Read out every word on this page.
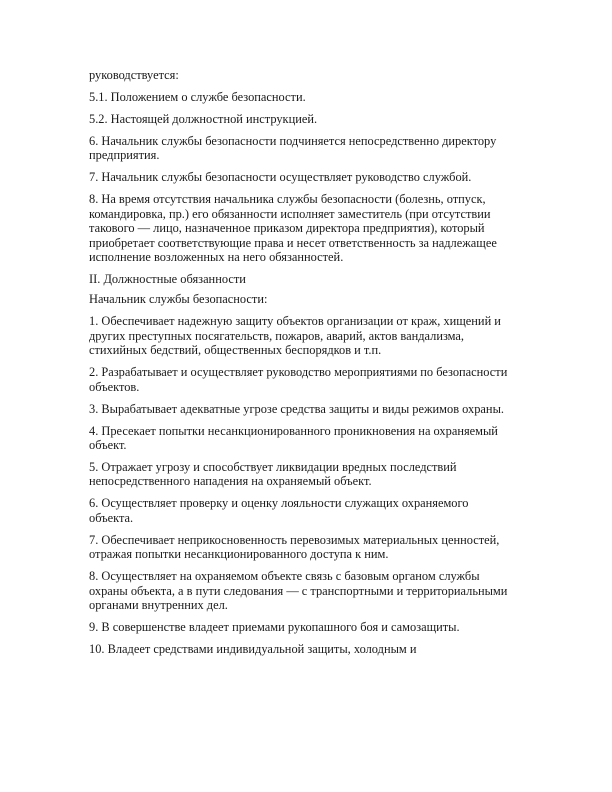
руководствуется:

5.1. Положением о службе безопасности.

5.2. Настоящей должностной инструкцией.

6. Начальник службы безопасности подчиняется непосредственно директору предприятия.

7. Начальник службы безопасности осуществляет руководство службой.

8. На время отсутствия начальника службы безопасности (болезнь, отпуск, командировка, пр.) его обязанности исполняет заместитель (при отсутствии такового — лицо, назначенное приказом директора предприятия), который приобретает соответствующие права и несет ответственность за надлежащее исполнение возложенных на него обязанностей.

II. Должностные обязанности

Начальник службы безопасности:

1. Обеспечивает надежную защиту объектов организации от краж, хищений и других преступных посягательств, пожаров, аварий, актов вандализма, стихийных бедствий, общественных беспорядков и т.п.

2. Разрабатывает и осуществляет руководство мероприятиями по безопасности объектов.

3. Вырабатывает адекватные угрозе средства защиты и виды режимов охраны.

4. Пресекает попытки несанкционированного проникновения на охраняемый объект.

5. Отражает угрозу и способствует ликвидации вредных последствий непосредственного нападения на охраняемый объект.

6. Осуществляет проверку и оценку лояльности служащих охраняемого объекта.

7. Обеспечивает неприкосновенность перевозимых материальных ценностей, отражая попытки несанкционированного доступа к ним.

8. Осуществляет на охраняемом объекте связь с базовым органом службы охраны объекта, а в пути следования — с транспортными и территориальными органами внутренних дел.

9. В совершенстве владеет приемами рукопашного боя и самозащиты.

10. Владеет средствами индивидуальной защиты, холодным и
